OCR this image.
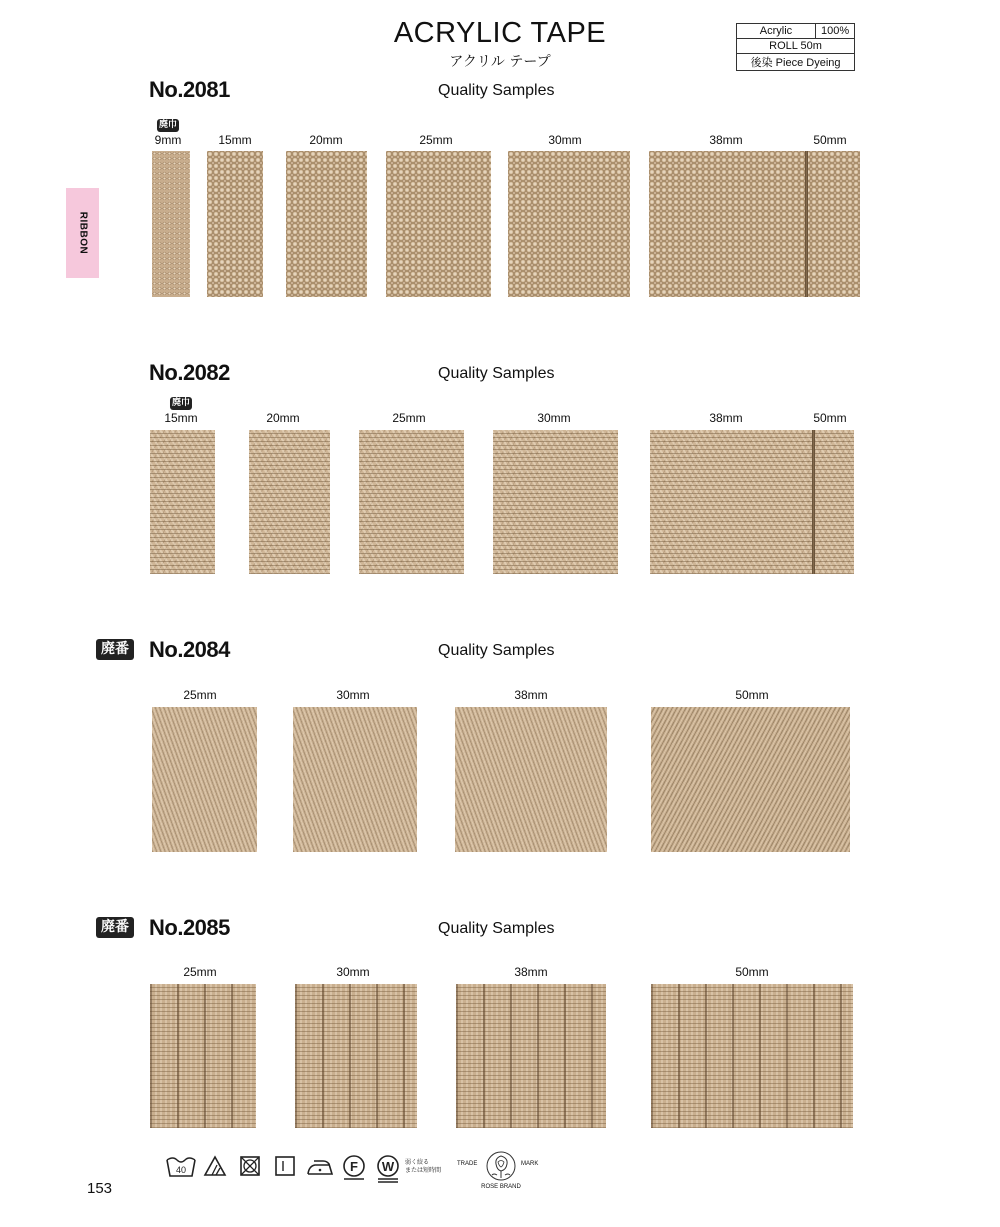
ACRYLIC TAPE
アクリル テープ
Acrylic	100%
ROLL 50m
後染 Piece Dyeing
RIBBON
No.2081	Quality Samples
廃巾
9mm	15mm	20mm	25mm	30mm	38mm	50mm
No.2082	Quality Samples
廃巾
15mm	20mm	25mm	30mm	38mm	50mm
廃番 No.2084	Quality Samples
25mm	30mm	38mm	50mm
廃番 No.2085	Quality Samples
25mm	30mm	38mm	50mm
40	F W 弱く絞る
または短時間
TRADE	MARK
ROSE BRAND
153
